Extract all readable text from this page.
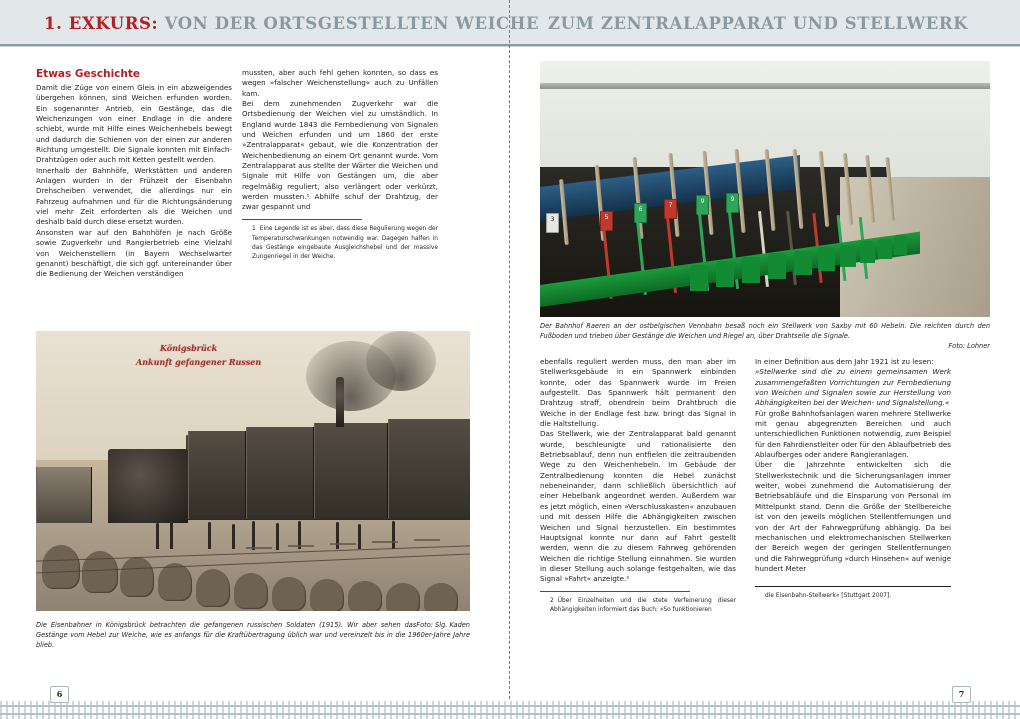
1. EXKURS: VON DER ORTSGESTELLTEN WEICHE ZUM ZENTRALAPPARAT UND STELLWERK
Etwas Geschichte

Damit die Züge von einem Gleis in ein abzweigendes übergehen können, sind Weichen erfunden worden. Ein sogenannter Antrieb, ein Gestänge, das die Weichenzungen von einer Endlage in die andere schiebt, wurde mit Hilfe eines Weichenhebels bewegt und dadurch die Schienen von der einen zur anderen Richtung umgestellt. Die Signale konnten mit Einfach-Drahtzügen oder auch mit Ketten gestellt werden.

Innerhalb der Bahnhöfe, Werkstätten und anderen Anlagen wurden in der Frühzeit der Eisenbahn Drehscheiben verwendet, die allerdings nur ein Fahrzeug aufnahmen und für die Richtungsänderung viel mehr Zeit erforderten als die Weichen und deshalb bald durch diese ersetzt wurden.

Ansonsten war auf den Bahnhöfen je nach Größe sowie Zugverkehr und Rangierbetrieb eine Vielzahl von Weichenstellern (in Bayern Wechselwarter genannt) beschäftigt, die sich ggf. untereinander über die Bedienung der Weichen verständigen

mussten, aber auch fehl gehen konnten, so dass es wegen »falscher Weichenstellung« auch zu Unfällen kam.

Bei dem zunehmenden Zugverkehr war die Ortsbedienung der Weichen viel zu umständlich. In England wurde 1843 die Fernbedienung von Signalen und Weichen erfunden und um 1860 der erste »Zentralapparat« gebaut, wie die Konzentration der Weichenbedienung an einem Ort genannt wurde. Vom Zentralapparat aus stellte der Wärter die Weichen und Signale mit Hilfe von Gestängen um, die aber regelmäßig reguliert, also verlängert oder verkürzt, werden mussten.¹ Abhilfe schuf der Drahtzug, der zwar gespannt und

1 Eine Legende ist es aber, dass diese Regulierung wegen der Temperaturschwankungen notwendig war. Dagegen halfen in das Gestänge eingebaute Ausgleichshebel und der massive Zungenriegel in der Weiche.
Königsbrück
Ankunft gefangener Russen
Foto: Slg. Kaden
Die Eisenbahner in Königsbrück betrachten die gefangenen russischen Soldaten (1915). Wir aber sehen das Gestänge vom Hebel zur Weiche, wie es anfangs für die Kraftübertragung üblich war und vereinzelt bis in die 1960er-Jahre Jahre blieb.
3	5
6
7
9	9
Der Bahnhof Raeren an der ostbelgischen Vennbahn besaß noch ein Stellwerk von Saxby mit 60 Hebeln. Die reichten durch den Fußboden und trieben über Gestänge die Weichen und Riegel an, über Drahtseile die Signale.
Foto: Lohner

ebenfalls reguliert werden muss, den man aber im Stellwerksgebäude in ein Spannwerk einbinden konnte, oder das Spannwerk wurde im Freien aufgestellt. Das Spannwerk hält permanent den Drahtzug straff, obendrein beim Drahtbruch die Weiche in der Endlage fest bzw. bringt das Signal in die Haltstellung.

Das Stellwerk, wie der Zentralapparat bald genannt wurde, beschleunigte und rationalisierte den Betriebsablauf, denn nun entfielen die zeitraubenden Wege zu den Weichenhebeln. Im Gebäude der Zentralbedienung konnten die Hebel zunächst nebeneinander, dann schließlich übersichtlich auf einer Hebelbank angeordnet werden. Außerdem war es jetzt möglich, einen »Verschlusskasten« anzubauen und mit dessen Hilfe die Abhängigkeiten zwischen Weichen und Signal herzustellen. Ein bestimmtes Hauptsignal konnte nur dann auf Fahrt gestellt werden, wenn die zu diesem Fahrweg gehörenden Weichen die richtige Stellung einnahmen. Sie wurden in dieser Stellung auch solange festgehalten, wie das Signal »Fahrt« anzeigte.²

2 Über Einzelheiten und die stete Verfeinerung dieser Abhängigkeiten informiert das Buch: »So funktionieren

In einer Definition aus dem Jahr 1921 ist zu lesen:

»Stellwerke sind die zu einem gemeinsamen Werk zusammengefaßten Vorrichtungen zur Fernbedienung von Weichen und Signalen sowie zur Herstellung von Abhängigkeiten bei der Weichen- und Signalstellung.«

Für große Bahnhofsanlagen waren mehrere Stellwerke mit genau abgegrenzten Bereichen und auch unterschiedlichen Funktionen notwendig, zum Beispiel für den Fahrdienstleiter oder für den Ablaufbetrieb des Ablaufberges oder andere Rangieranlagen.

Über die Jahrzehnte entwickelten sich die Stellwerkstechnik und die Sicherungsanlagen immer weiter, wobei zunehmend die Automatisierung der Betriebsabläufe und die Einsparung von Personal im Mittelpunkt stand. Denn die Größe der Stellbereiche ist von den jeweils möglichen Stellentfernungen und von der Art der Fahrwegprüfung abhängig. Da bei mechanischen und elektromechanischen Stellwerken der Bereich wegen der geringen Stellentfernungen und die Fahrwegprüfung »durch Hinsehen« auf wenige hundert Meter

die Eisenbahn-Stellwerk« [Stuttgart 2007].
6	7
